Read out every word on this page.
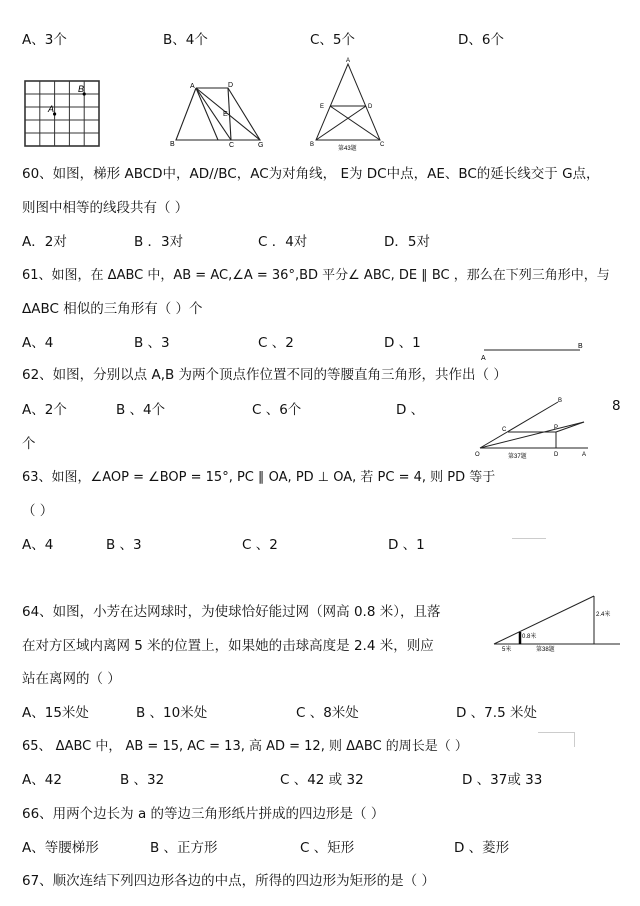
A、3个	B、4个	C、5个	D、6个
B
A
A	D
E
B	C	G
A
E	D
B	C
第43题
60、如图，梯形 ABCD中，AD//BC，AC为对角线， E为 DC中点，AE、BC的延长线交于 G点，
则图中相等的线段共有（ ）
A．2对	B ．3对	C ．4对	D．5对
61、如图，在 ΔABC 中，AB = AC,∠A = 36°,BD 平分∠ ABC, DE ∥ BC ，那么在下列三角形中，与
ΔABC 相似的三角形有（ ）个
A、4	B 、3	C 、2	D 、1
A
B
62、如图，分别以点 A,B 为两个顶点作位置不同的等腰直角三角形，共作出（ ）
A、2个	B 、4个	C 、6个	D 、	8
个
B
C	P
O	D	A
第37题
63、如图，∠AOP = ∠BOP = 15°, PC ∥ OA, PD ⊥ OA, 若 PC = 4, 则 PD 等于
（ ）
A、4	B 、3	C 、2	D 、1
0.8米
2.4米
5米	第38题
64、如图，小芳在达网球时，为使球恰好能过网（网高 0.8 米），且落
在对方区域内离网 5 米的位置上，如果她的击球高度是 2.4 米，则应
站在离网的（ ）
A、15米处	B 、10米处	C 、8米处	D 、7.5 米处
65、 ΔABC 中， AB = 15, AC = 13, 高 AD = 12, 则 ΔABC 的周长是（ ）
A、42	B 、32	C 、42 或 32	D 、37或 33
66、用两个边长为 a 的等边三角形纸片拼成的四边形是（ ）
A、等腰梯形	B 、正方形	C 、矩形	D 、菱形
67、顺次连结下列四边形各边的中点，所得的四边形为矩形的是（ ）
